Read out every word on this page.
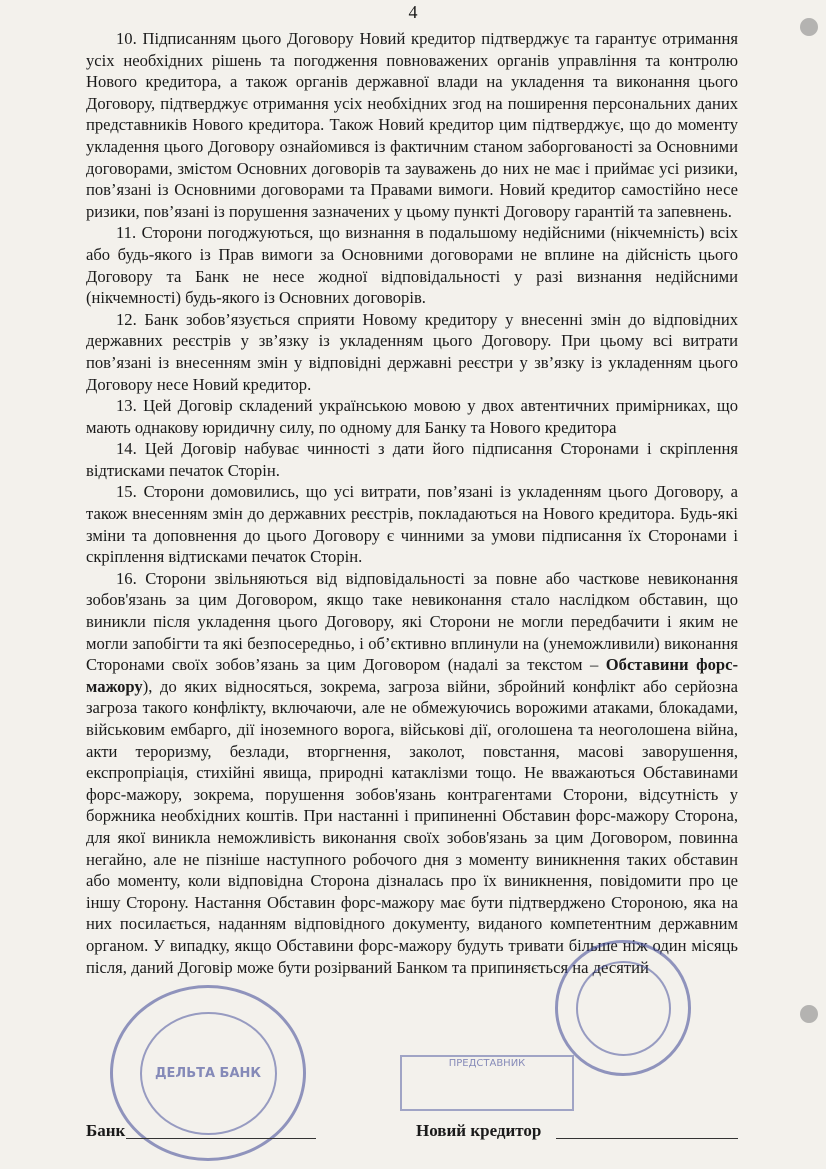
4

10. Підписанням цього Договору Новий кредитор підтверджує та гарантує отримання усіх необхідних рішень та погодження повноважених органів управління та контролю Нового кредитора, а також органів державної влади на укладення та виконання цього Договору, підтверджує отримання усіх необхідних згод на поширення персональних даних представників Нового кредитора. Також Новий кредитор цим підтверджує, що до моменту укладення цього Договору ознайомився із фактичним станом заборгованості за Основними договорами, змістом Основних договорів та зауважень до них не має і приймає усі ризики, пов’язані із Основними договорами та Правами вимоги. Новий кредитор самостійно несе ризики, пов’язані із порушення зазначених у цьому пункті Договору гарантій та запевнень.

11. Сторони погоджуються, що визнання в подальшому недійсними (нікчемність) всіх або будь-якого із Прав вимоги за Основними договорами не вплине на дійсність цього Договору та Банк не несе жодної відповідальності у разі визнання недійсними (нікчемності) будь-якого із Основних договорів.

12. Банк зобов’язується сприяти Новому кредитору у внесенні змін до відповідних державних реєстрів у зв’язку із укладенням цього Договору. При цьому всі витрати пов’язані із внесенням змін у відповідні державні реєстри у зв’язку із укладенням цього Договору несе Новий кредитор.

13. Цей Договір складений українською мовою у двох автентичних примірниках, що мають однакову юридичну силу, по одному для Банку та Нового кредитора

14. Цей Договір набуває чинності з дати його підписання Сторонами і скріплення відтисками печаток Сторін.

15. Сторони домовились, що усі витрати, пов’язані із укладенням цього Договору, а також внесенням змін до державних реєстрів, покладаються на Нового кредитора. Будь-які зміни та доповнення до цього Договору є чинними за умови підписання їх Сторонами і скріплення відтисками печаток Сторін.

16. Сторони звільняються від відповідальності за повне або часткове невиконання зобов'язань за цим Договором, якщо таке невиконання стало наслідком обставин, що виникли після укладення цього Договору, які Сторони не могли передбачити і яким не могли запобігти та які безпосередньо, і об’єктивно вплинули на (унеможливили) виконання Сторонами своїх зобов’язань за цим Договором (надалі за текстом – Обставини форс-мажору), до яких відносяться, зокрема, загроза війни, збройний конфлікт або серйозна загроза такого конфлікту, включаючи, але не обмежуючись ворожими атаками, блокадами, військовим ембарго, дії іноземного ворога, військові дії, оголошена та неоголошена війна, акти тероризму, безлади, вторгнення, заколот, повстання, масові заворушення, експропріація, стихійні явища, природні катаклізми тощо. Не вважаються Обставинами форс-мажору, зокрема, порушення зобов'язань контрагентами Сторони, відсутність у боржника необхідних коштів. При настанні і припиненні Обставин форс-мажору Сторона, для якої виникла неможливість виконання своїх зобов'язань за цим Договором, повинна негайно, але не пізніше наступного робочого дня з моменту виникнення таких обставин або моменту, коли відповідна Сторона дізналась про їх виникнення, повідомити про це іншу Сторону. Настання Обставин форс-мажору має бути підтверджено Стороною, яка на них посилається, наданням відповідного документу, виданого компетентним державним органом. У випадку, якщо Обставини форс-мажору будуть тривати більше ніж один місяць після, даний Договір може бути розірваний Банком та припиняється на десятий

ДЕЛЬТА БАНК
ПРЕДСТАВНИК
Банк	Новий кредитор
